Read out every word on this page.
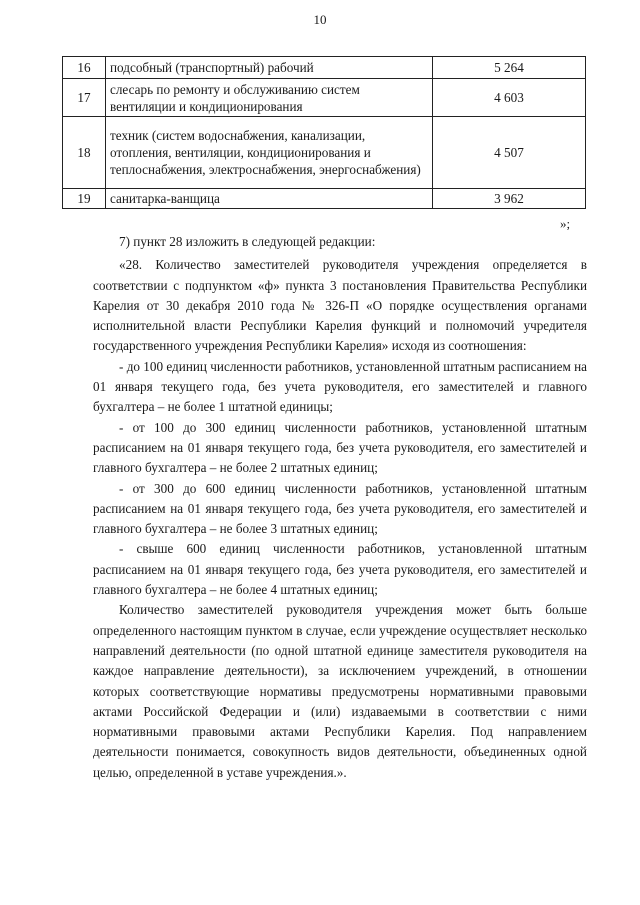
10
16	подсобный (транспортный) рабочий	5 264
17	слесарь по ремонту и обслуживанию систем вентиляции и кондиционирования	4 603
18	техник (систем водоснабжения, канализации, отопления, вентиляции, кондиционирования и теплоснабжения, электроснабжения, энергоснабжения)	4 507
19	санитарка-ванщица	3 962
»;

7) пункт 28 изложить в следующей редакции:

«28. Количество заместителей руководителя учреждения определяется в соответствии с подпунктом «ф» пункта 3 постановления Правительства Республики Карелия от 30 декабря 2010 года № 326-П «О порядке осуществления органами исполнительной власти Республики Карелия функций и полномочий учредителя государственного учреждения Республики Карелия» исходя из соотношения:

- до 100 единиц численности работников, установленной штатным расписанием на 01 января текущего года, без учета руководителя, его заместителей и главного бухгалтера – не более 1 штатной единицы;

- от 100 до 300 единиц численности работников, установленной штатным расписанием на 01 января текущего года, без учета руководителя, его заместителей и главного бухгалтера – не более 2 штатных единиц;

- от 300 до 600 единиц численности работников, установленной штатным расписанием на 01 января текущего года, без учета руководителя, его заместителей и главного бухгалтера – не более 3 штатных единиц;

- свыше 600 единиц численности работников, установленной штатным расписанием на 01 января текущего года, без учета руководителя, его заместителей и главного бухгалтера – не более 4 штатных единиц;

Количество заместителей руководителя учреждения может быть больше определенного настоящим пунктом в случае, если учреждение осуществляет несколько направлений деятельности (по одной штатной единице заместителя руководителя на каждое направление деятельности), за исключением учреждений, в отношении которых соответствующие нормативы предусмотрены нормативными правовыми актами Российской Федерации и (или) издаваемыми в соответствии с ними нормативными правовыми актами Республики Карелия. Под направлением деятельности понимается, совокупность видов деятельности, объединенных одной целью, определенной в уставе учреждения.».
